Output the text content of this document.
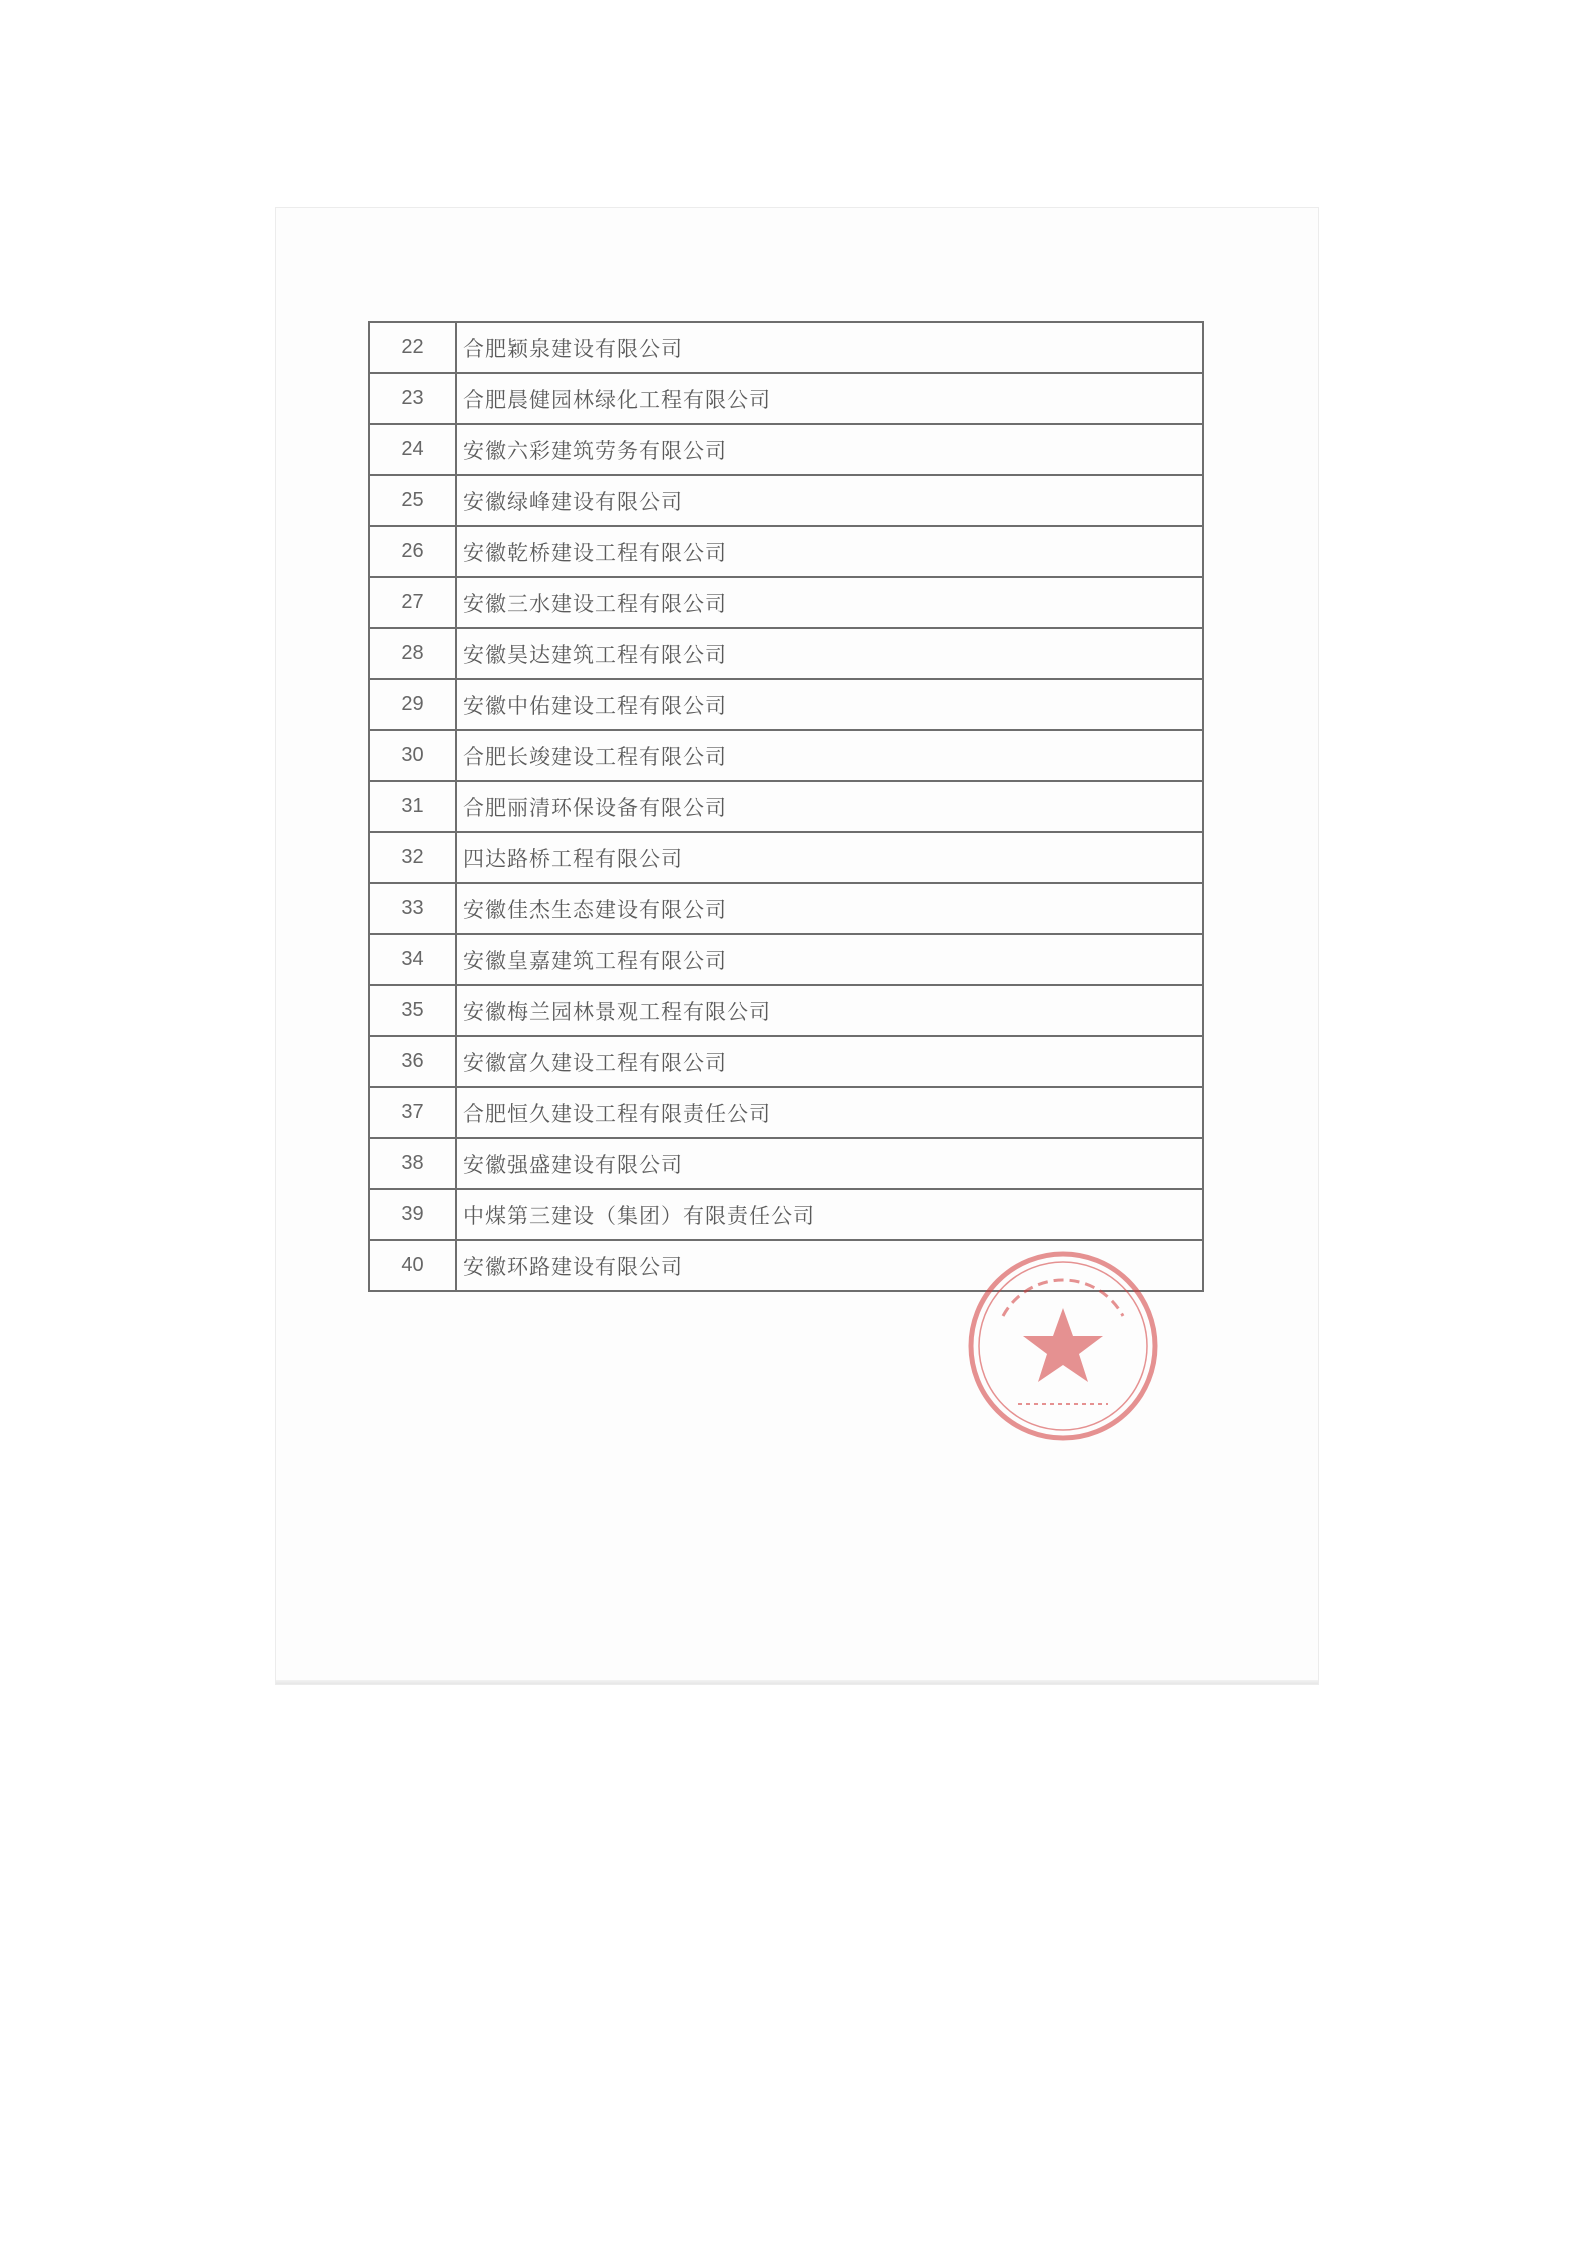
22	合肥颖泉建设有限公司
23	合肥晨健园林绿化工程有限公司
24	安徽六彩建筑劳务有限公司
25	安徽绿峰建设有限公司
26	安徽乾桥建设工程有限公司
27	安徽三水建设工程有限公司
28	安徽昊达建筑工程有限公司
29	安徽中佑建设工程有限公司
30	合肥长竣建设工程有限公司
31	合肥丽清环保设备有限公司
32	四达路桥工程有限公司
33	安徽佳杰生态建设有限公司
34	安徽皇嘉建筑工程有限公司
35	安徽梅兰园林景观工程有限公司
36	安徽富久建设工程有限公司
37	合肥恒久建设工程有限责任公司
38	安徽强盛建设有限公司
39	中煤第三建设（集团）有限责任公司
40	安徽环路建设有限公司
